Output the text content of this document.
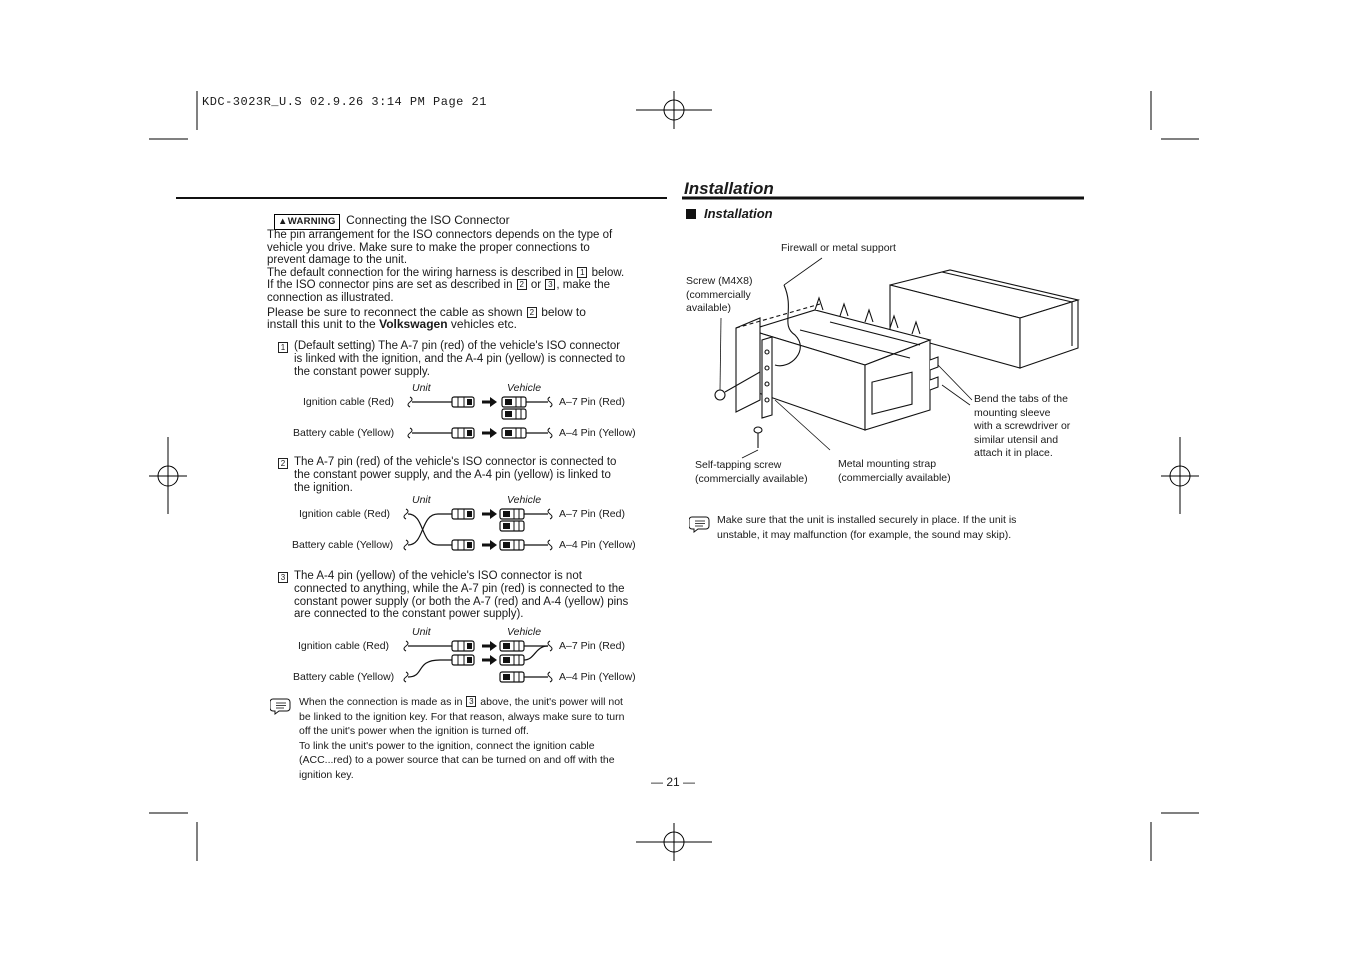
KDC-3023R_U.S 02.9.26 3:14 PM Page 21
Installation
Installation
Firewall or metal support
Screw (M4X8)
(commercially
available)
Bend the tabs of the
mounting sleeve
with a screwdriver or
similar utensil and
attach it in place.
Self-tapping screw
(commercially available)
Metal mounting strap
(commercially available)
Make sure that the unit is installed securely in place. If the unit is
unstable, it may malfunction (for example, the sound may skip).
▲WARNING Connecting the ISO Connector
The pin arrangement for the ISO connectors depends on the type of
vehicle you drive. Make sure to make the proper connections to
prevent damage to the unit.
The default connection for the wiring harness is described in 1 below.
If the ISO connector pins are set as described in 2 or 3 , make the
connection as illustrated.
Please be sure to reconnect the cable as shown 2 below to
install this unit to the Volkswagen vehicles etc.
1 (Default setting) The A-7 pin (red) of the vehicle's ISO connector
is linked with the ignition, and the A-4 pin (yellow) is connected to
the constant power supply.
2 The A-7 pin (red) of the vehicle's ISO connector is connected to
the constant power supply, and the A-4 pin (yellow) is linked to
the ignition.
3 The A-4 pin (yellow) of the vehicle's ISO connector is not
connected to anything, while the A-7 pin (red) is connected to the
constant power supply (or both the A-7 (red) and A-4 (yellow) pins
are connected to the constant power supply).
Unit	Vehicle
Ignition cable (Red)
Battery cable (Yellow)
A–7 Pin (Red)
A–4 Pin (Yellow)
Unit	Vehicle
Ignition cable (Red)
Battery cable (Yellow)
A–7 Pin (Red)
A–4 Pin (Yellow)
Unit	Vehicle
Ignition cable (Red)
Battery cable (Yellow)
A–7 Pin (Red)
A–4 Pin (Yellow)
When the connection is made as in 3 above, the unit's power will not
be linked to the ignition key. For that reason, always make sure to turn
off the unit's power when the ignition is turned off.
To link the unit's power to the ignition, connect the ignition cable
(ACC...red) to a power source that can be turned on and off with the
ignition key.
— 21 —
